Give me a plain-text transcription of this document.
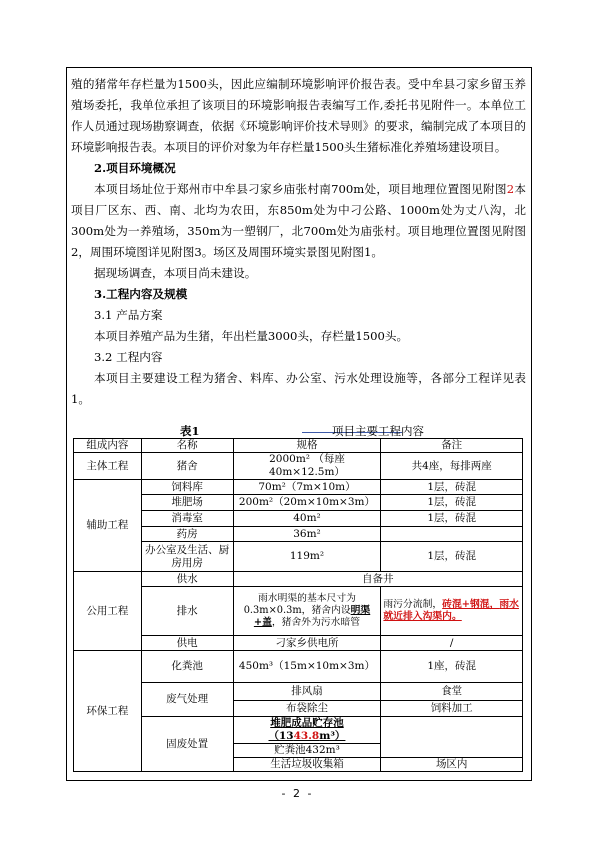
殖的猪常年存栏量为1500头，因此应编制环境影响评价报告表。受中牟县刁家乡留玉养殖场委托，我单位承担了该项目的环境影响报告表编写工作,委托书见附件一。本单位工作人员通过现场勘察调查，依据《环境影响评价技术导则》的要求，编制完成了本项目的环境影响报告表。本项目的评价对象为年存栏量1500头生猪标准化养殖场建设项目。

2.项目环境概况

本项目场址位于郑州市中牟县刁家乡庙张村南700m处，项目地理位置图见附图2本项目厂区东、西、南、北均为农田，东850m处为中刁公路、1000m处为丈八沟，北300m处为一养殖场，350m为一塑钢厂，北700m处为庙张村。项目地理位置图见附图2，周围环境图详见附图3。场区及周围环境实景图见附图1。

据现场调查，本项目尚未建设。

3.工程内容及规模

3.1 产品方案

本项目养殖产品为生猪，年出栏量3000头，存栏量1500头。

3.2 工程内容

本项目主要建设工程为猪舍、料库、办公室、污水处理设施等，各部分工程详见表1。

表1	项目主要工程内容
组成内容	名称	规格	备注
主体工程	猪舍	2000m² （每座40m×12.5m）	共4座，每排两座
辅助工程	饲料库	70m²（7m×10m）	1层，砖混
	堆肥场	200m²（20m×10m×3m）	1层，砖混
	消毒室	40m²	1层，砖混
	药房	36m²	
	办公室及生活、厨房用房	119m²	1层，砖混
公用工程	供水	自备井	
	排水	雨水明渠的基本尺寸为0.3m×0.3m，猪舍内设明渠+盖，猪舍外为污水暗管	雨污分流制，砖混+钢混，雨水就近排入沟渠内。
	供电	刁家乡供电所	/
环保工程	化粪池	450m³（15m×10m×3m）	1座，砖混
	废气处理	排风扇	食堂
		布袋除尘	饲料加工
	固废处置	堆肥成品贮存池（1343.8m³）	
		贮粪池432m³	
		生活垃圾收集箱	场区内
- 2 -
